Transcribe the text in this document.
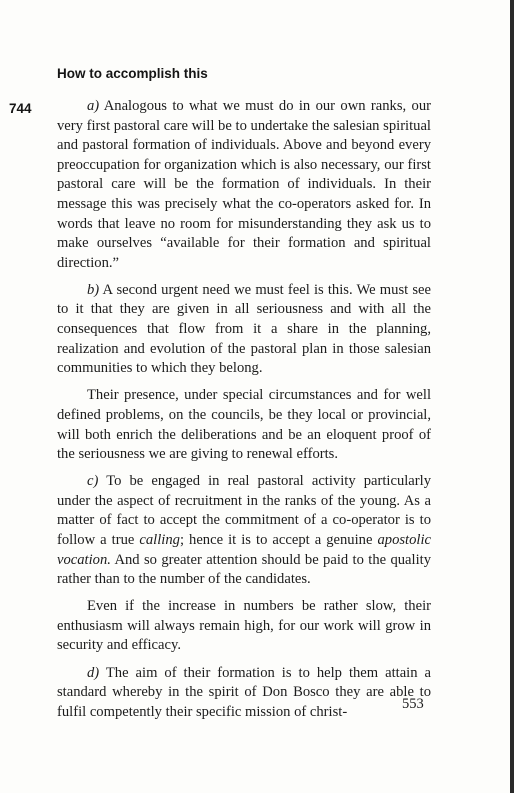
How to accomplish this
744	a) Analogous to what we must do in our own ranks, our very first pastoral care will be to undertake the salesian spiritual and pastoral formation of individuals. Above and beyond every preoccupation for organization which is also necessary, our first pastoral care will be the formation of individuals. In their message this was precisely what the co-operators asked for. In words that leave no room for misunderstanding they ask us to make ourselves “available for their formation and spiritual direction.”

b) A second urgent need we must feel is this. We must see to it that they are given in all seriousness and with all the consequences that flow from it a share in the planning, realization and evolution of the pastoral plan in those salesian communities to which they belong.

Their presence, under special circumstances and for well defined problems, on the councils, be they local or provincial, will both enrich the deliberations and be an eloquent proof of the seriousness we are giving to renewal efforts.

c) To be engaged in real pastoral activity particularly under the aspect of recruitment in the ranks of the young. As a matter of fact to accept the commitment of a co-operator is to follow a true calling; hence it is to accept a genuine apostolic vocation. And so greater attention should be paid to the quality rather than to the number of the candidates.

Even if the increase in numbers be rather slow, their enthusiasm will always remain high, for our work will grow in security and efficacy.

d) The aim of their formation is to help them attain a standard whereby in the spirit of Don Bosco they are able to fulfil competently their specific mission of christ-	553
